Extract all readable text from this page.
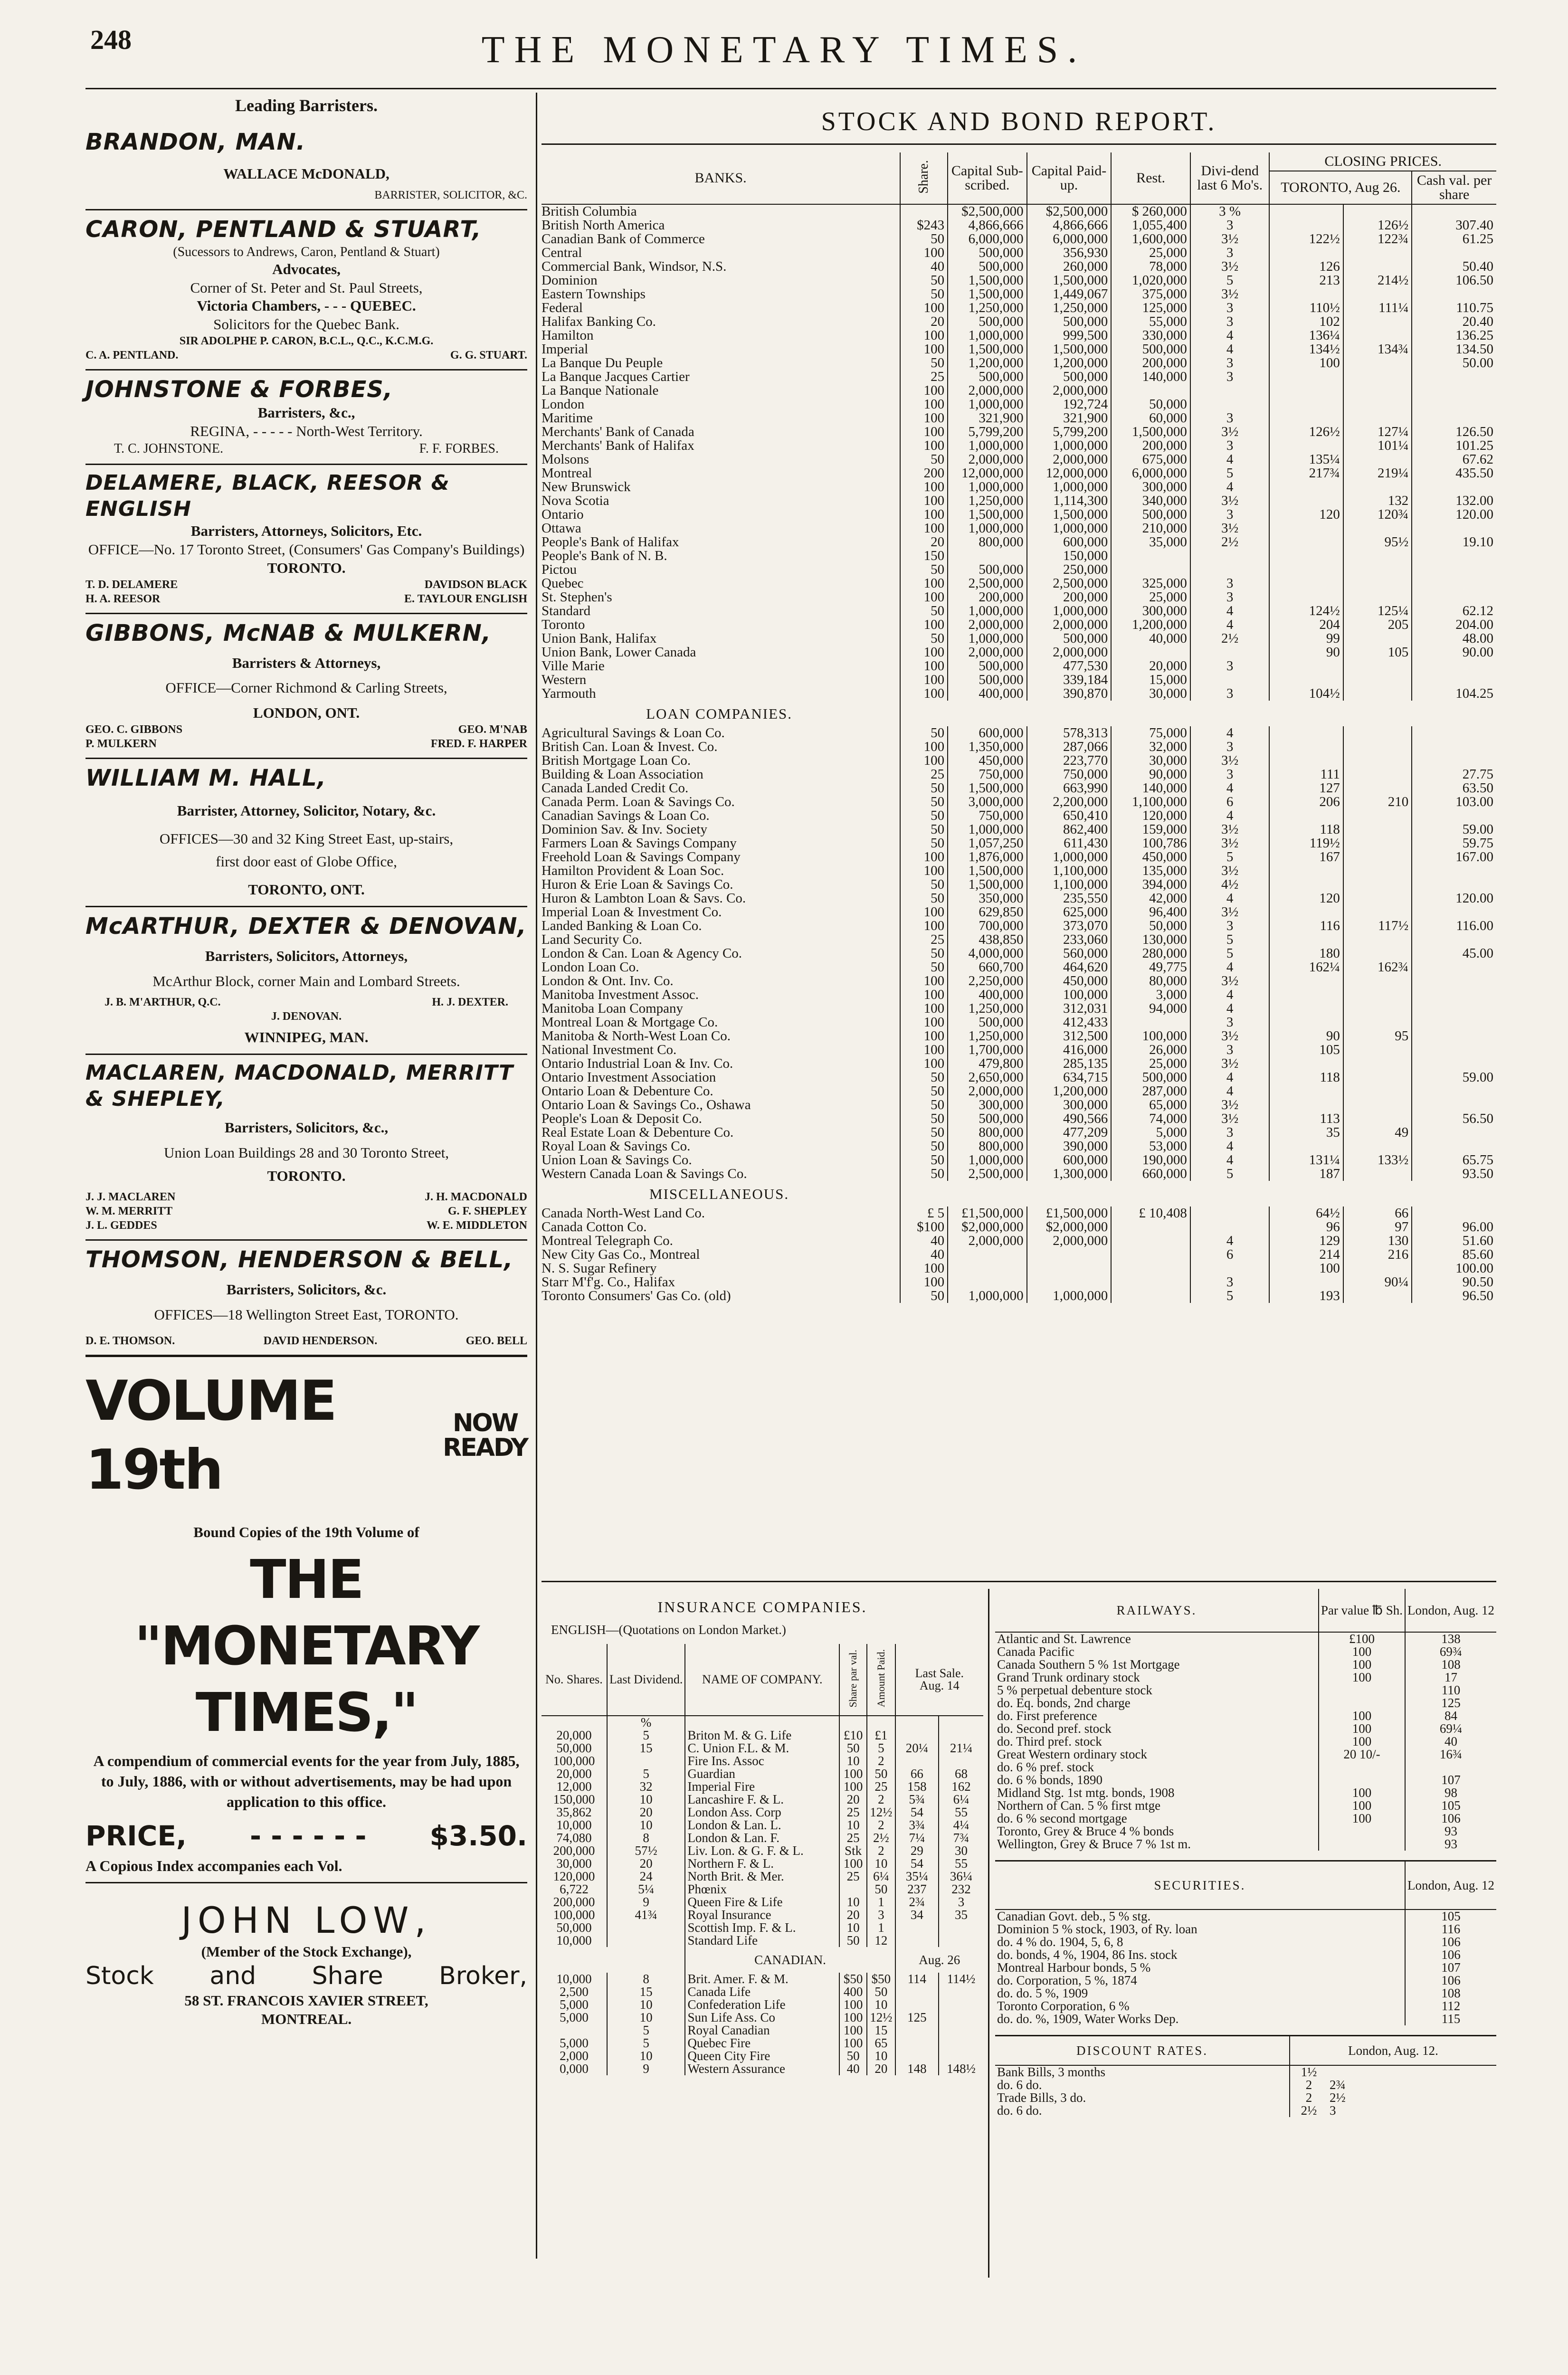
248	THE MONETARY TIMES.
Leading Barristers.
BRANDON, MAN.
WALLACE McDONALD,
BARRISTER, SOLICITOR, &C.
CARON, PENTLAND & STUART,
(Sucessors to Andrews, Caron, Pentland & Stuart)
Advocates,
Corner of St. Peter and St. Paul Streets,
Victoria Chambers, - - - QUEBEC.
Solicitors for the Quebec Bank.
SIR ADOLPHE P. CARON, B.C.L., Q.C., K.C.M.G.
C. A. PENTLAND.	G. G. STUART.
JOHNSTONE & FORBES,
Barristers, &c.,
REGINA, - - - - - North-West Territory.
T. C. JOHNSTONE.	F. F. FORBES.
DELAMERE, BLACK, REESOR & ENGLISH
Barristers, Attorneys, Solicitors, Etc.
OFFICE—No. 17 Toronto Street, (Consumers' Gas Company's Buildings)
TORONTO.
T. D. DELAMERE	DAVIDSON BLACK
H. A. REESOR	E. TAYLOUR ENGLISH
GIBBONS, McNAB & MULKERN,
Barristers & Attorneys,
OFFICE—Corner Richmond & Carling Streets,
LONDON, ONT.
GEO. C. GIBBONS	GEO. M'NAB
P. MULKERN	FRED. F. HARPER
WILLIAM M. HALL,
Barrister, Attorney, Solicitor, Notary, &c.
OFFICES—30 and 32 King Street East, up-stairs,
first door east of Globe Office,
TORONTO, ONT.
McARTHUR, DEXTER & DENOVAN,
Barristers, Solicitors, Attorneys,
McArthur Block, corner Main and Lombard Streets.
J. B. M'ARTHUR, Q.C.	H. J. DEXTER.
J. DENOVAN.
WINNIPEG, MAN.
MACLAREN, MACDONALD, MERRITT & SHEPLEY,
Barristers, Solicitors, &c.,
Union Loan Buildings 28 and 30 Toronto Street,
TORONTO.
J. J. MACLAREN	J. H. MACDONALD
W. M. MERRITT	G. F. SHEPLEY
J. L. GEDDES	W. E. MIDDLETON
THOMSON, HENDERSON & BELL,
Barristers, Solicitors, &c.
OFFICES—18 Wellington Street East, TORONTO.
D. E. THOMSON.	DAVID HENDERSON.	GEO. BELL
VOLUME 19th
NOW
READY
Bound Copies of the 19th Volume of
THE "MONETARY TIMES,"
A compendium of commercial events for the year from July, 1885, to July, 1886, with or without advertisements, may be had upon application to this office.
PRICE, - - - - - - $3.50.
A Copious Index accompanies each Vol.
JOHN LOW,
(Member of the Stock Exchange),
Stock and Share Broker,
58 ST. FRANCOIS XAVIER STREET,
MONTREAL.
STOCK AND BOND REPORT.
BANKS.	Share.	Capital Sub-scribed.	Capital Paid-up.	Rest.	Divi-dend last 6 Mo's.	CLOSING PRICES.		
						TORONTO, Aug 26.		Cash val. per share
British Columbia		$2,500,000	$2,500,000	$ 260,000	3 %			
British North America	$243	4,866,666	4,866,666	1,055,400	3		126½	307.40
Canadian Bank of Commerce	50	6,000,000	6,000,000	1,600,000	3½	122½	122¾	61.25
Central	100	500,000	356,930	25,000	3			
Commercial Bank, Windsor, N.S.	40	500,000	260,000	78,000	3½	126		50.40
Dominion	50	1,500,000	1,500,000	1,020,000	5	213	214½	106.50
Eastern Townships	50	1,500,000	1,449,067	375,000	3½			
Federal	100	1,250,000	1,250,000	125,000	3	110½	111¼	110.75
Halifax Banking Co.	20	500,000	500,000	55,000	3	102		20.40
Hamilton	100	1,000,000	999,500	330,000	4	136¼		136.25
Imperial	100	1,500,000	1,500,000	500,000	4	134½	134¾	134.50
La Banque Du Peuple	50	1,200,000	1,200,000	200,000	3	100		50.00
La Banque Jacques Cartier	25	500,000	500,000	140,000	3			
La Banque Nationale	100	2,000,000	2,000,000					
London	100	1,000,000	192,724	50,000				
Maritime	100	321,900	321,900	60,000	3			
Merchants' Bank of Canada	100	5,799,200	5,799,200	1,500,000	3½	126½	127¼	126.50
Merchants' Bank of Halifax	100	1,000,000	1,000,000	200,000	3		101¼	101.25
Molsons	50	2,000,000	2,000,000	675,000	4	135¼		67.62
Montreal	200	12,000,000	12,000,000	6,000,000	5	217¾	219¼	435.50
New Brunswick	100	1,000,000	1,000,000	300,000	4			
Nova Scotia	100	1,250,000	1,114,300	340,000	3½		132	132.00
Ontario	100	1,500,000	1,500,000	500,000	3	120	120¾	120.00
Ottawa	100	1,000,000	1,000,000	210,000	3½			
People's Bank of Halifax	20	800,000	600,000	35,000	2½		95½	19.10
People's Bank of N. B.	150		150,000					
Pictou	50	500,000	250,000					
Quebec	100	2,500,000	2,500,000	325,000	3			
St. Stephen's	100	200,000	200,000	25,000	3			
Standard	50	1,000,000	1,000,000	300,000	4	124½	125¼	62.12
Toronto	100	2,000,000	2,000,000	1,200,000	4	204	205	204.00
Union Bank, Halifax	50	1,000,000	500,000	40,000	2½	99		48.00
Union Bank, Lower Canada	100	2,000,000	2,000,000			90	105	90.00
Ville Marie	100	500,000	477,530	20,000	3			
Western	100	500,000	339,184	15,000				
Yarmouth	100	400,000	390,870	30,000	3	104½		104.25
LOAN COMPANIES.								
Agricultural Savings & Loan Co.	50	600,000	578,313	75,000	4			
British Can. Loan & Invest. Co.	100	1,350,000	287,066	32,000	3			
British Mortgage Loan Co.	100	450,000	223,770	30,000	3½			
Building & Loan Association	25	750,000	750,000	90,000	3	111		27.75
Canada Landed Credit Co.	50	1,500,000	663,990	140,000	4	127		63.50
Canada Perm. Loan & Savings Co.	50	3,000,000	2,200,000	1,100,000	6	206	210	103.00
Canadian Savings & Loan Co.	50	750,000	650,410	120,000	4			
Dominion Sav. & Inv. Society	50	1,000,000	862,400	159,000	3½	118		59.00
Farmers Loan & Savings Company	50	1,057,250	611,430	100,786	3½	119½		59.75
Freehold Loan & Savings Company	100	1,876,000	1,000,000	450,000	5	167		167.00
Hamilton Provident & Loan Soc.	100	1,500,000	1,100,000	135,000	3½			
Huron & Erie Loan & Savings Co.	50	1,500,000	1,100,000	394,000	4½			
Huron & Lambton Loan & Savs. Co.	50	350,000	235,550	42,000	4	120		120.00
Imperial Loan & Investment Co.	100	629,850	625,000	96,400	3½			
Landed Banking & Loan Co.	100	700,000	373,070	50,000	3	116	117½	116.00
Land Security Co.	25	438,850	233,060	130,000	5			
London & Can. Loan & Agency Co.	50	4,000,000	560,000	280,000	5	180		45.00
London Loan Co.	50	660,700	464,620	49,775	4	162¼	162¾	
London & Ont. Inv. Co.	100	2,250,000	450,000	80,000	3½			
Manitoba Investment Assoc.	100	400,000	100,000	3,000	4			
Manitoba Loan Company	100	1,250,000	312,031	94,000	4			
Montreal Loan & Mortgage Co.	100	500,000	412,433		3			
Manitoba & North-West Loan Co.	100	1,250,000	312,500	100,000	3½	90	95	
National Investment Co.	100	1,700,000	416,000	26,000	3	105		
Ontario Industrial Loan & Inv. Co.	100	479,800	285,135	25,000	3½			
Ontario Investment Association	50	2,650,000	634,715	500,000	4	118		59.00
Ontario Loan & Debenture Co.	50	2,000,000	1,200,000	287,000	4			
Ontario Loan & Savings Co., Oshawa	50	300,000	300,000	65,000	3½			
People's Loan & Deposit Co.	50	500,000	490,566	74,000	3½	113		56.50
Real Estate Loan & Debenture Co.	50	800,000	477,209	5,000	3	35	49	
Royal Loan & Savings Co.	50	800,000	390,000	53,000	4			
Union Loan & Savings Co.	50	1,000,000	600,000	190,000	4	131¼	133½	65.75
Western Canada Loan & Savings Co.	50	2,500,000	1,300,000	660,000	5	187		93.50
MISCELLANEOUS.								
Canada North-West Land Co.	£ 5	£1,500,000	£1,500,000	£ 10,408		64½	66	
Canada Cotton Co.	$100	$2,000,000	$2,000,000			96	97	96.00
Montreal Telegraph Co.	40	2,000,000	2,000,000		4	129	130	51.60
New City Gas Co., Montreal	40				6	214	216	85.60
N. S. Sugar Refinery	100					100		100.00
Starr M'f'g. Co., Halifax	100				3		90¼	90.50
Toronto Consumers' Gas Co. (old)	50	1,000,000	1,000,000		5	193		96.50
INSURANCE COMPANIES.
ENGLISH—(Quotations on London Market.)
No. Shares.	Last Dividend.	NAME OF COMPANY.	Share par val.	Amount Paid.	Last Sale.
Aug. 14	
	%					
20,000	5	Briton M. & G. Life	£10	£1		
50,000	15	C. Union F.L. & M.	50	5	20¼	21¼
100,000		Fire Ins. Assoc	10	2		
20,000	5	Guardian	100	50	66	68
12,000	32	Imperial Fire	100	25	158	162
150,000	10	Lancashire F. & L.	20	2	5¾	6¼
35,862	20	London Ass. Corp	25	12½	54	55
10,000	10	London & Lan. L.	10	2	3¾	4¼
74,080	8	London & Lan. F.	25	2½	7¼	7¾
200,000	57½	Liv. Lon. & G. F. & L.	Stk	2	29	30
30,000	20	Northern F. & L.	100	10	54	55
120,000	24	North Brit. & Mer.	25	6¼	35¼	36¼
6,722	5¼	Phœnix		50	237	232
200,000	9	Queen Fire & Life	10	1	2¾	3
100,000	41¾	Royal Insurance	20	3	34	35
50,000		Scottish Imp. F. & L.	10	1		
10,000		Standard Life	50	12		
		CANADIAN.			Aug. 26	
10,000	8	Brit. Amer. F. & M.	$50	$50	114	114½
2,500	15	Canada Life	400	50		
5,000	10	Confederation Life	100	10		
5,000	10	Sun Life Ass. Co	100	12½	125	
	5	Royal Canadian	100	15		
5,000	5	Quebec Fire	100	65		
2,000	10	Queen City Fire	50	10		
0,000	9	Western Assurance	40	20	148	148½
RAILWAYS.	Par value ℔ Sh.	London, Aug. 12
Atlantic and St. Lawrence	£100	138
Canada Pacific	100	69¾
Canada Southern 5 % 1st Mortgage	100	108
Grand Trunk ordinary stock	100	17
5 % perpetual debenture stock		110
do. Eq. bonds, 2nd charge		125
do. First preference	100	84
do. Second pref. stock	100	69¼
do. Third pref. stock	100	40
Great Western ordinary stock	20 10/-	16¾
do. 6 % pref. stock		
do. 6 % bonds, 1890		107
Midland Stg. 1st mtg. bonds, 1908	100	98
Northern of Can. 5 % first mtge	100	105
do. 6 % second mortgage	100	106
Toronto, Grey & Bruce 4 % bonds		93
Wellington, Grey & Bruce 7 % 1st m.		93
SECURITIES.	London, Aug. 12
Canadian Govt. deb., 5 % stg.	105
Dominion 5 % stock, 1903, of Ry. loan	116
do. 4 % do. 1904, 5, 6, 8	106
do. bonds, 4 %, 1904, 86 Ins. stock	106
Montreal Harbour bonds, 5 %	107
do. Corporation, 5 %, 1874	106
do. do. 5 %, 1909	108
Toronto Corporation, 6 %	112
do. do. %, 1909, Water Works Dep.	115
DISCOUNT RATES.	London, Aug. 12.	
Bank Bills, 3 months	1½	
do. 6 do.	2	2¾
Trade Bills, 3 do.	2	2½
do. 6 do.	2½	3
